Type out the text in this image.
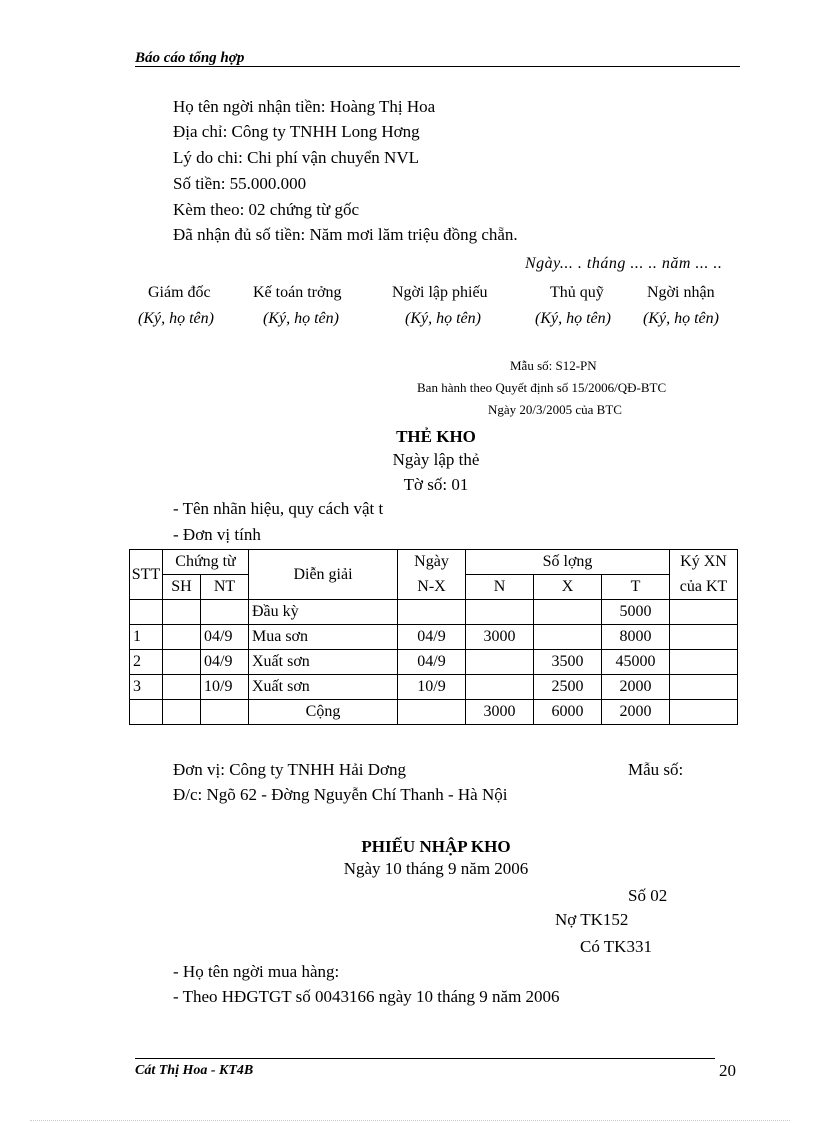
Báo cáo tổng hợp
Họ tên ngời nhận tiền: Hoàng Thị Hoa
Địa chỉ: Công ty TNHH Long Hơng
Lý do chi: Chi phí vận chuyển NVL
Số tiền: 55.000.000
Kèm theo: 02 chứng từ gốc
Đã nhận đủ số tiền: Năm mơi lăm triệu đồng chẵn.
Ngày... . tháng ... .. năm ... ..
Giám đốc	Kế toán trởng	Ngời lập phiếu	Thủ quỹ	Ngời nhận
(Ký, họ tên)	(Ký, họ tên)	(Ký, họ tên)	(Ký, họ tên) (Ký, họ tên)
Mẫu số: S12-PN
Ban hành theo Quyết định số 15/2006/QĐ-BTC
Ngày 20/3/2005 của BTC
THẺ KHO
Ngày lập thẻ
Tờ số: 01
- Tên nhãn hiệu, quy cách vật t
- Đơn vị tính
STT	Chứng từ		Diễn giải	Ngày	Số lợng			Ký XN
	SH	NT		N-X	N	X	T	của KT
			Đầu kỳ				5000	
1		04/9	Mua sơn	04/9	3000		8000	
2		04/9	Xuất sơn	04/9		3500	45000	
3		10/9	Xuất sơn	10/9		2500	2000	
			Cộng		3000	6000	2000	
Đơn vị: Công ty TNHH Hải Dơng	Mẫu số:
Đ/c: Ngõ 62 - Đờng Nguyễn Chí Thanh - Hà Nội
PHIẾU NHẬP KHO
Ngày 10 tháng 9 năm 2006
Số 02
Nợ TK152
Có TK331
- Họ tên ngời mua hàng:
- Theo HĐGTGT số 0043166 ngày 10 tháng 9 năm 2006
Cát Thị Hoa - KT4B	20
